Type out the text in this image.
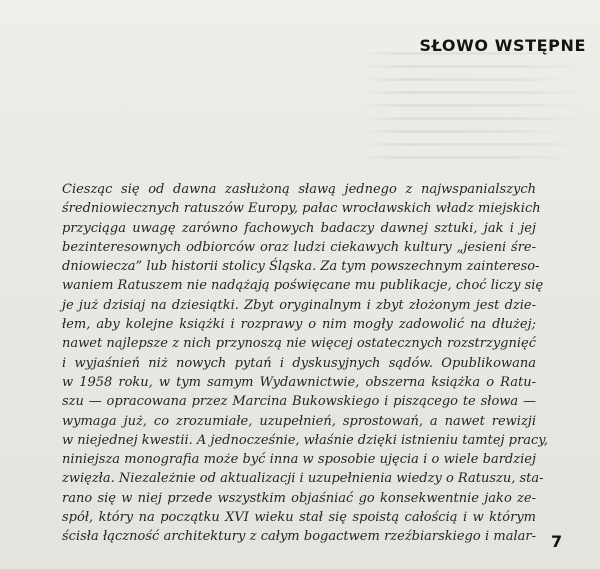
SŁOWO WSTĘPNE
Ciesząc się od dawna zasłużoną sławą jednego z najwspanialszych
średniowiecznych ratuszów Europy, pałac wrocławskich władz miejskich
przyciąga uwagę zarówno fachowych badaczy dawnej sztuki, jak i jej
bezinteresownych odbiorców oraz ludzi ciekawych kultury „jesieni śre-
dniowiecza” lub historii stolicy Śląska. Za tym powszechnym zaintereso-
waniem Ratuszem nie nadążają poświęcane mu publikacje, choć liczy się
je już dzisiaj na dziesiątki. Zbyt oryginalnym i zbyt złożonym jest dzie-
łem, aby kolejne książki i rozprawy o nim mogły zadowolić na dłużej;
nawet najlepsze z nich przynoszą nie więcej ostatecznych rozstrzygnięć
i wyjaśnień niż nowych pytań i dyskusyjnych sądów. Opublikowana
w 1958 roku, w tym samym Wydawnictwie, obszerna książka o Ratu-
szu — opracowana przez Marcina Bukowskiego i piszącego te słowa —
wymaga już, co zrozumiałe, uzupełnień, sprostowań, a nawet rewizji
w niejednej kwestii. A jednocześnie, właśnie dzięki istnieniu tamtej pracy,
niniejsza monografia może być inna w sposobie ujęcia i o wiele bardziej
zwięzła. Niezależnie od aktualizacji i uzupełnienia wiedzy o Ratuszu, sta-
rano się w niej przede wszystkim objaśniać go konsekwentnie jako ze-
spół, który na początku XVI wieku stał się spoistą całością i w którym
ścisła łączność architektury z całym bogactwem rzeźbiarskiego i malar- 7
